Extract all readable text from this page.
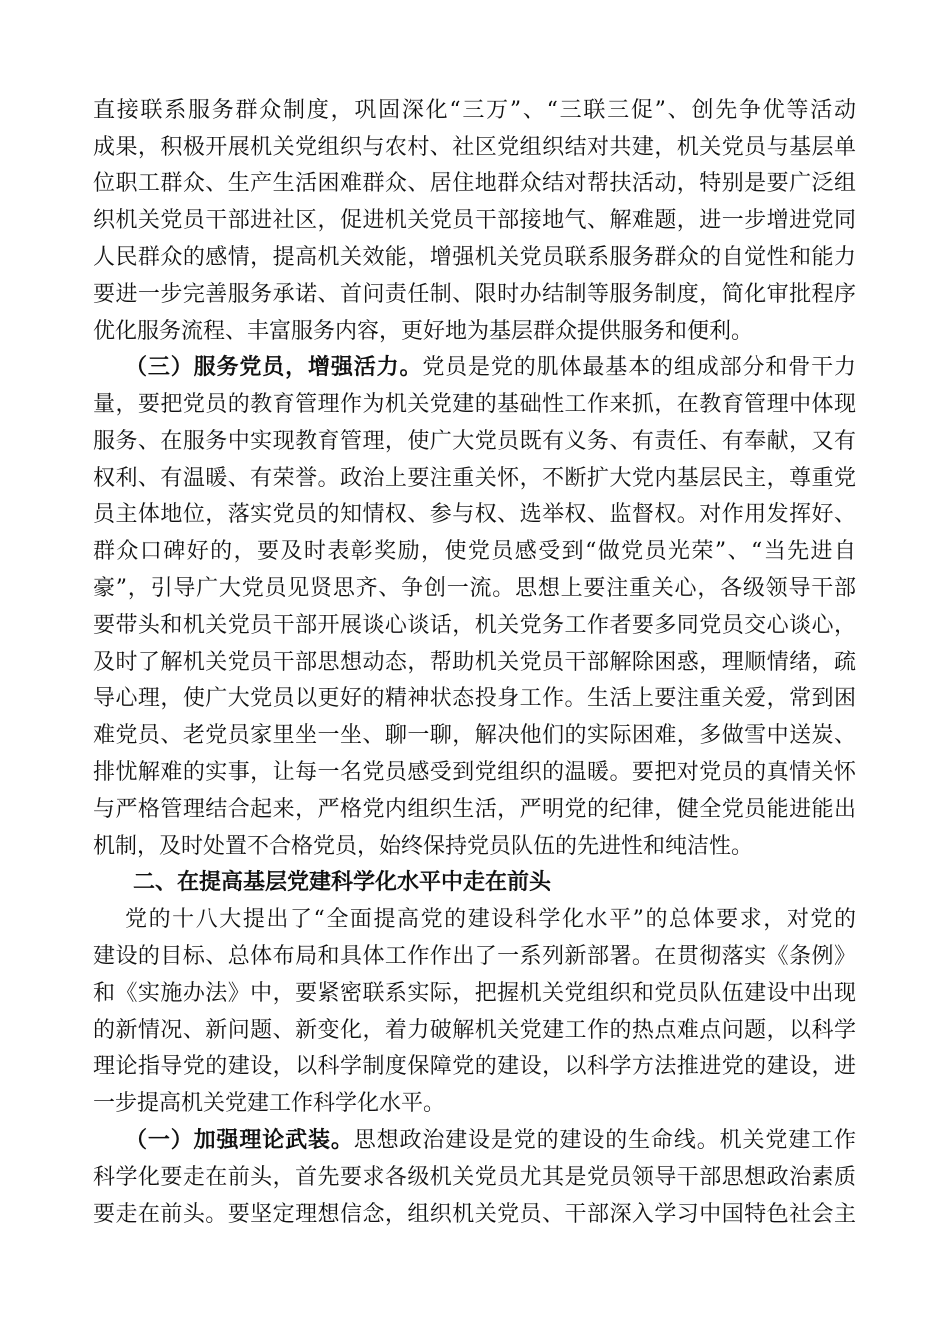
直接联系服务群众制度，巩固深化“三万”、“三联三促”、创先争优等活动
成果，积极开展机关党组织与农村、社区党组织结对共建，机关党员与基层单
位职工群众、生产生活困难群众、居住地群众结对帮扶活动，特别是要广泛组
织机关党员干部进社区，促进机关党员干部接地气、解难题，进一步增进党同
人民群众的感情，提高机关效能，增强机关党员联系服务群众的自觉性和能力
要进一步完善服务承诺、首问责任制、限时办结制等服务制度，简化审批程序
优化服务流程、丰富服务内容，更好地为基层群众提供服务和便利。
（三）服务党员，增强活力。党员是党的肌体最基本的组成部分和骨干力
量，要把党员的教育管理作为机关党建的基础性工作来抓，在教育管理中体现
服务、在服务中实现教育管理，使广大党员既有义务、有责任、有奉献，又有
权利、有温暖、有荣誉。政治上要注重关怀，不断扩大党内基层民主，尊重党
员主体地位，落实党员的知情权、参与权、选举权、监督权。对作用发挥好、
群众口碑好的，要及时表彰奖励，使党员感受到“做党员光荣”、“当先进自
豪”，引导广大党员见贤思齐、争创一流。思想上要注重关心，各级领导干部
要带头和机关党员干部开展谈心谈话，机关党务工作者要多同党员交心谈心，
及时了解机关党员干部思想动态，帮助机关党员干部解除困惑，理顺情绪，疏
导心理，使广大党员以更好的精神状态投身工作。生活上要注重关爱，常到困
难党员、老党员家里坐一坐、聊一聊，解决他们的实际困难，多做雪中送炭、
排忧解难的实事，让每一名党员感受到党组织的温暖。要把对党员的真情关怀
与严格管理结合起来，严格党内组织生活，严明党的纪律，健全党员能进能出
机制，及时处置不合格党员，始终保持党员队伍的先进性和纯洁性。
二、在提高基层党建科学化水平中走在前头
党的十八大提出了“全面提高党的建设科学化水平”的总体要求，对党的
建设的目标、总体布局和具体工作作出了一系列新部署。在贯彻落实《条例》
和《实施办法》中，要紧密联系实际，把握机关党组织和党员队伍建设中出现
的新情况、新问题、新变化，着力破解机关党建工作的热点难点问题，以科学
理论指导党的建设，以科学制度保障党的建设，以科学方法推进党的建设，进
一步提高机关党建工作科学化水平。
（一）加强理论武装。思想政治建设是党的建设的生命线。机关党建工作
科学化要走在前头，首先要求各级机关党员尤其是党员领导干部思想政治素质
要走在前头。要坚定理想信念，组织机关党员、干部深入学习中国特色社会主
